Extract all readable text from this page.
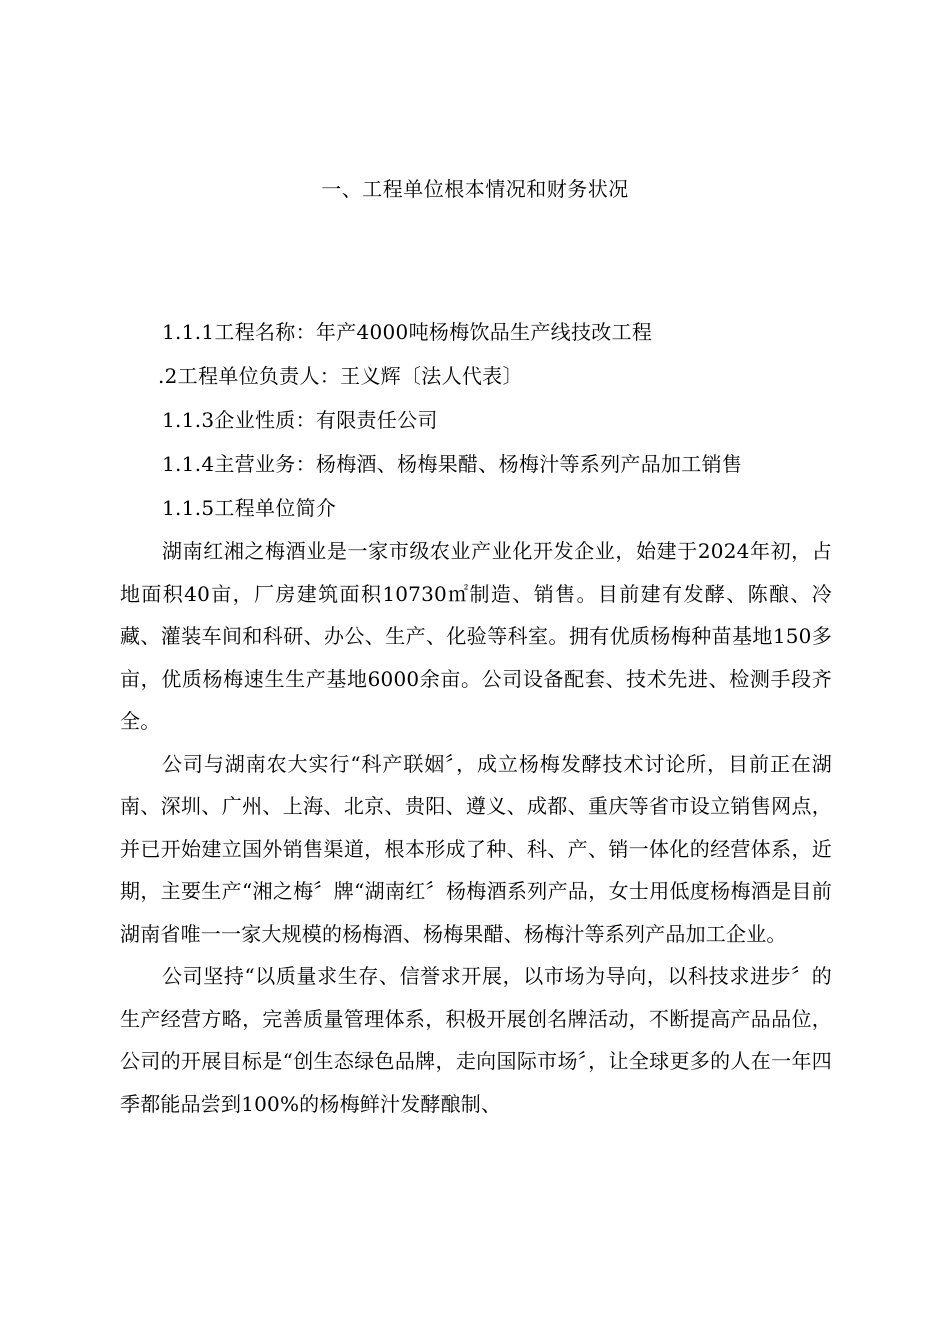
一、工程单位根本情况和财务状况
1.1.1工程名称：年产4000吨杨梅饮品生产线技改工程
.2工程单位负责人：王义辉〔法人代表〕
1.1.3企业性质：有限责任公司
1.1.4主营业务：杨梅酒、杨梅果醋、杨梅汁等系列产品加工销售
1.1.5工程单位简介

湖南红湘之梅酒业是一家市级农业产业化开发企业，始建于2024年初，占地面积40亩，厂房建筑面积10730㎡制造、销售。目前建有发酵、陈酿、冷藏、灌装车间和科研、办公、生产、化验等科室。拥有优质杨梅种苗基地150多亩，优质杨梅速生生产基地6000余亩。公司设备配套、技术先进、检测手段齐全。

公司与湖南农大实行“科产联姻〞，成立杨梅发酵技术讨论所，目前正在湖南、深圳、广州、上海、北京、贵阳、遵义、成都、重庆等省市设立销售网点，并已开始建立国外销售渠道，根本形成了种、科、产、销一体化的经营体系，近期，主要生产“湘之梅〞牌“湖南红〞杨梅酒系列产品，女士用低度杨梅酒是目前湖南省唯一一家大规模的杨梅酒、杨梅果醋、杨梅汁等系列产品加工企业。

公司坚持“以质量求生存、信誉求开展，以市场为导向，以科技求进步〞的生产经营方略，完善质量管理体系，积极开展创名牌活动，不断提高产品品位，公司的开展目标是“创生态绿色品牌，走向国际市场〞，让全球更多的人在一年四季都能品尝到100%的杨梅鲜汁发酵酿制、
